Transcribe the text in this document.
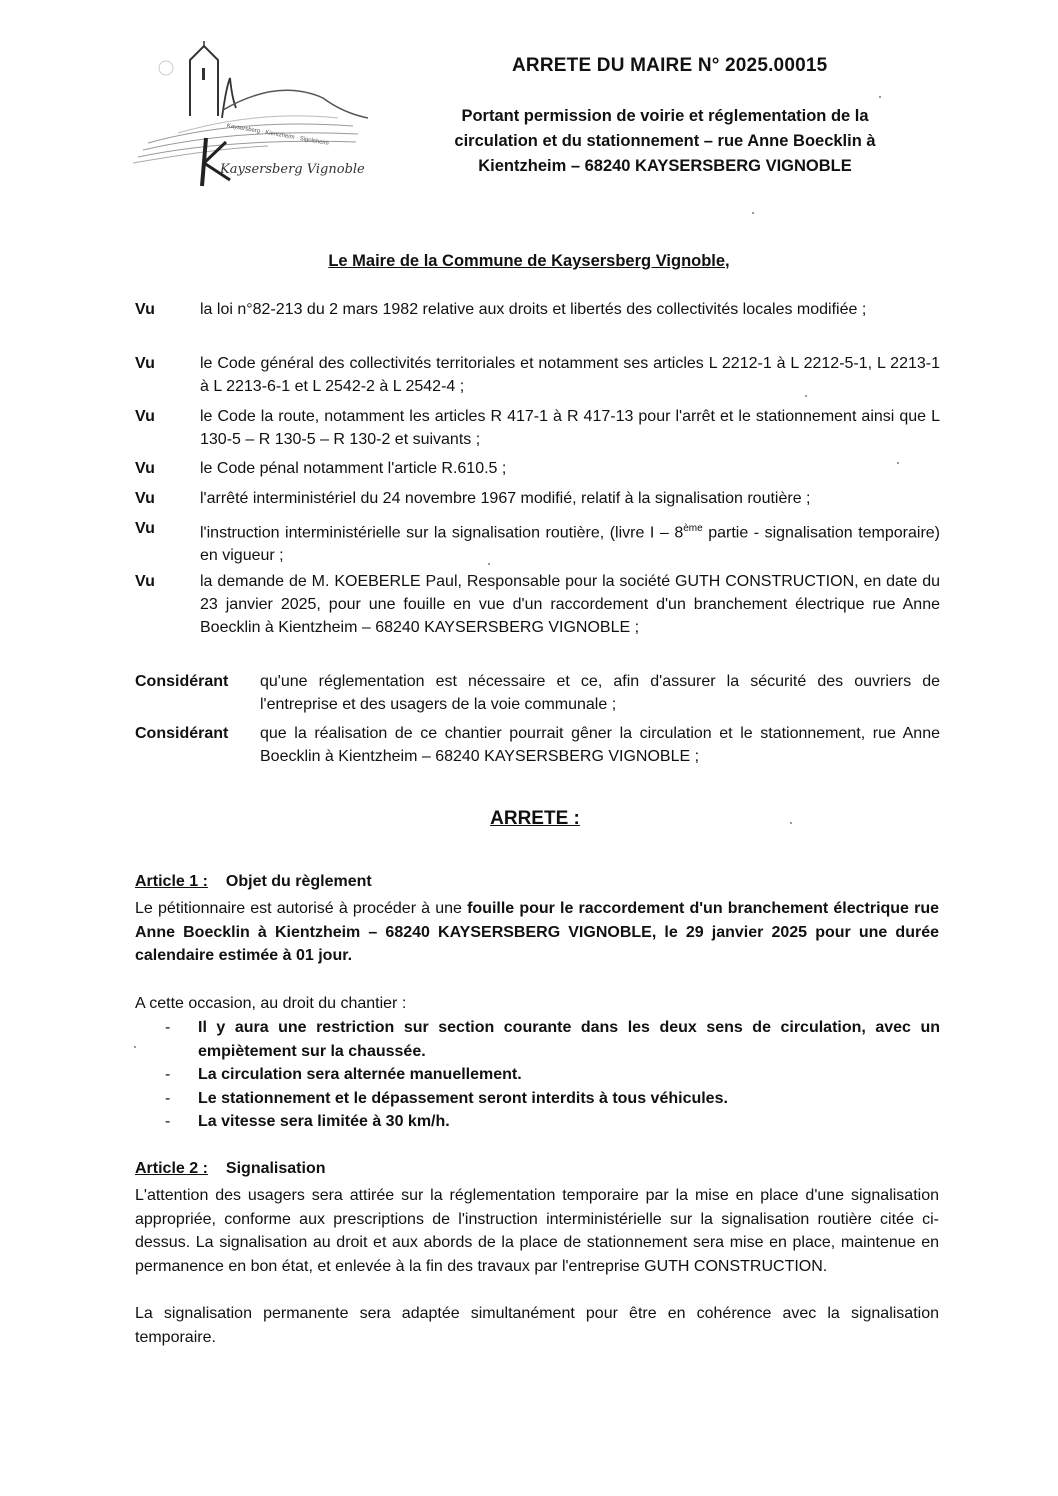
Kaysersberg · Kientzheim · Sigolsheim
Kaysersberg Vignoble
ARRETE DU MAIRE N° 2025.00015
Portant permission de voirie et réglementation de la
circulation et du stationnement – rue Anne Boecklin à
Kientzheim – 68240 KAYSERSBERG VIGNOBLE
Le Maire de la Commune de Kaysersberg Vignoble,
Vu	la loi n°82-213 du 2 mars 1982 relative aux droits et libertés des collectivités locales modifiée ;
Vu	le Code général des collectivités territoriales et notamment ses articles L 2212-1 à L 2212-5-1, L 2213-1 à L 2213-6-1 et L 2542-2 à L 2542-4 ;
Vu	le Code la route, notamment les articles R 417-1 à R 417-13 pour l'arrêt et le stationnement ainsi que L 130-5 – R 130-5 – R 130-2 et suivants ;
Vu	le Code pénal notamment l'article R.610.5 ;
Vu	l'arrêté interministériel du 24 novembre 1967 modifié, relatif à la signalisation routière ;
Vu	l'instruction interministérielle sur la signalisation routière, (livre I – 8ème partie - signalisation temporaire) en vigueur ;
Vu	la demande de M. KOEBERLE Paul, Responsable pour la société GUTH CONSTRUCTION, en date du 23 janvier 2025, pour une fouille en vue d'un raccordement d'un branchement électrique rue Anne Boecklin à Kientzheim – 68240 KAYSERSBERG VIGNOBLE ;
Considérant qu'une réglementation est nécessaire et ce, afin d'assurer la sécurité des ouvriers de l'entreprise et des usagers de la voie communale ;
Considérant que la réalisation de ce chantier pourrait gêner la circulation et le stationnement, rue Anne Boecklin à Kientzheim – 68240 KAYSERSBERG VIGNOBLE ;
ARRETE :
Article 1 : Objet du règlement
Le pétitionnaire est autorisé à procéder à une fouille pour le raccordement d'un branchement électrique rue Anne Boecklin à Kientzheim – 68240 KAYSERSBERG VIGNOBLE, le 29 janvier 2025 pour une durée calendaire estimée à 01 jour.
A cette occasion, au droit du chantier :
- Il y aura une restriction sur section courante dans les deux sens de circulation, avec un empiètement sur la chaussée.
- La circulation sera alternée manuellement.
- Le stationnement et le dépassement seront interdits à tous véhicules.
- La vitesse sera limitée à 30 km/h.
Article 2 : Signalisation
L'attention des usagers sera attirée sur la réglementation temporaire par la mise en place d'une signalisation appropriée, conforme aux prescriptions de l'instruction interministérielle sur la signalisation routière citée ci-dessus. La signalisation au droit et aux abords de la place de stationnement sera mise en place, maintenue en permanence en bon état, et enlevée à la fin des travaux par l'entreprise GUTH CONSTRUCTION.
La signalisation permanente sera adaptée simultanément pour être en cohérence avec la signalisation temporaire.
